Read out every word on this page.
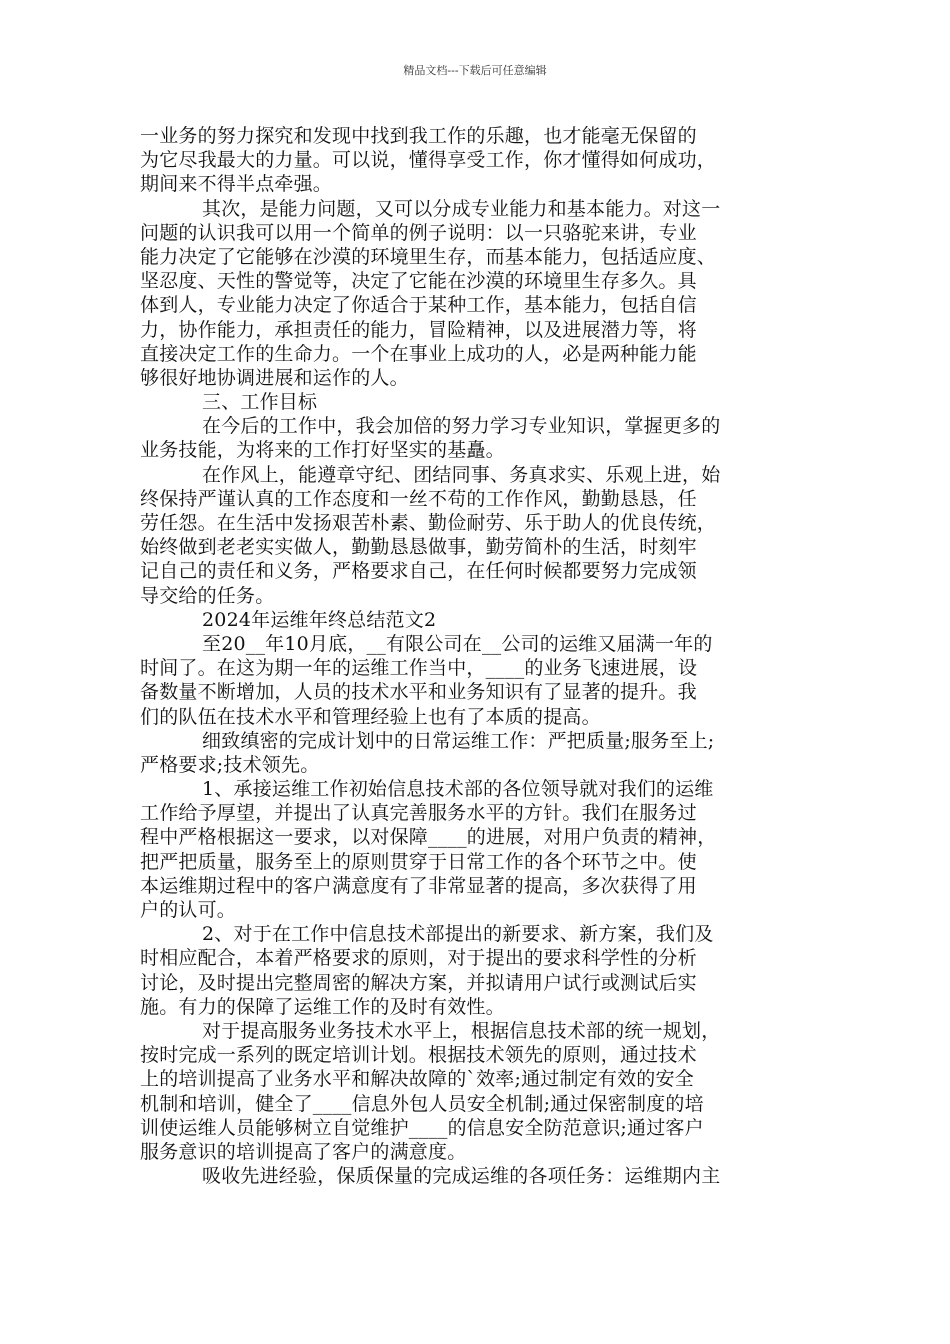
精品文档---下载后可任意编辑
一业务的努力探究和发现中找到我工作的乐趣，也才能毫无保留的
为它尽我最大的力量。可以说，懂得享受工作，你才懂得如何成功，
期间来不得半点牵强。
其次，是能力问题，又可以分成专业能力和基本能力。对这一
问题的认识我可以用一个简单的例子说明：以一只骆驼来讲，专业
能力决定了它能够在沙漠的环境里生存，而基本能力，包括适应度、
坚忍度、天性的警觉等，决定了它能在沙漠的环境里生存多久。具
体到人，专业能力决定了你适合于某种工作，基本能力，包括自信
力，协作能力，承担责任的能力，冒险精神，以及进展潜力等，将
直接决定工作的生命力。一个在事业上成功的人，必是两种能力能
够很好地协调进展和运作的人。
三、工作目标
在今后的工作中，我会加倍的努力学习专业知识，掌握更多的
业务技能，为将来的工作打好坚实的基矗。
在作风上，能遵章守纪、团结同事、务真求实、乐观上进，始
终保持严谨认真的工作态度和一丝不苟的工作作风，勤勤恳恳，任
劳任怨。在生活中发扬艰苦朴素、勤俭耐劳、乐于助人的优良传统，
始终做到老老实实做人，勤勤恳恳做事，勤劳简朴的生活，时刻牢
记自己的责任和义务，严格要求自己，在任何时候都要努力完成领
导交给的任务。
2024年运维年终总结范文2
至20__年10月底，__有限公司在__公司的运维又届满一年的
时间了。在这为期一年的运维工作当中，____的业务飞速进展，设
备数量不断增加，人员的技术水平和业务知识有了显著的提升。我
们的队伍在技术水平和管理经验上也有了本质的提高。
细致缜密的完成计划中的日常运维工作：严把质量;服务至上;
严格要求;技术领先。
1、承接运维工作初始信息技术部的各位领导就对我们的运维
工作给予厚望，并提出了认真完善服务水平的方针。我们在服务过
程中严格根据这一要求，以对保障____的进展，对用户负责的精神，
把严把质量，服务至上的原则贯穿于日常工作的各个环节之中。使
本运维期过程中的客户满意度有了非常显著的提高，多次获得了用
户的认可。
2、对于在工作中信息技术部提出的新要求、新方案，我们及
时相应配合，本着严格要求的原则，对于提出的要求科学性的分析
讨论，及时提出完整周密的解决方案，并拟请用户试行或测试后实
施。有力的保障了运维工作的及时有效性。
对于提高服务业务技术水平上，根据信息技术部的统一规划，
按时完成一系列的既定培训计划。根据技术领先的原则，通过技术
上的培训提高了业务水平和解决故障的`效率;通过制定有效的安全
机制和培训，健全了____信息外包人员安全机制;通过保密制度的培
训使运维人员能够树立自觉维护____的信息安全防范意识;通过客户
服务意识的培训提高了客户的满意度。
吸收先进经验，保质保量的完成运维的各项任务：运维期内主
